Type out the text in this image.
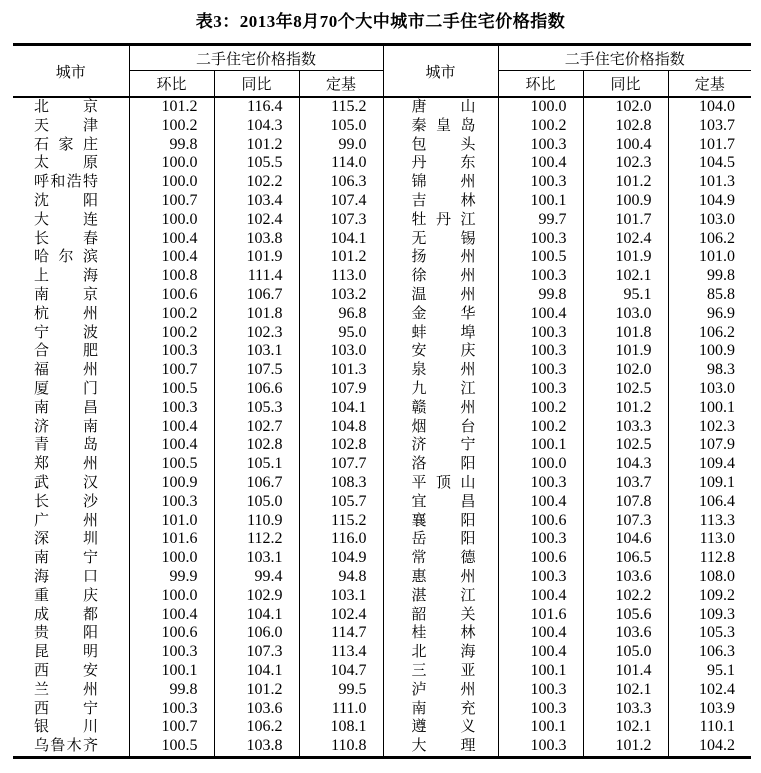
表3：2013年8月70个大中城市二手住宅价格指数
城市	二手住宅价格指数			城市	二手住宅价格指数		
	环比	同比	定基		环比	同比	定基

北 京	101.2	116.4	115.2	唐 山	100.0	102.0	104.0

天 津	100.2	104.3	105.0	秦 皇 岛	100.2	102.8	103.7

石 家 庄	99.8	101.2	99.0	包 头	100.3	100.4	101.7

太 原	100.0	105.5	114.0	丹 东	100.4	102.3	104.5

呼 和 浩 特	100.0	102.2	106.3	锦 州	100.3	101.2	101.3

沈 阳	100.7	103.4	107.4	吉 林	100.1	100.9	104.9

大 连	100.0	102.4	107.3	牡 丹 江	99.7	101.7	103.0

长 春	100.4	103.8	104.1	无 锡	100.3	102.4	106.2

哈 尔 滨	100.4	101.9	101.2	扬 州	100.5	101.9	101.0

上 海	100.8	111.4	113.0	徐 州	100.3	102.1	99.8

南 京	100.6	106.7	103.2	温 州	99.8	95.1	85.8

杭 州	100.2	101.8	96.8	金 华	100.4	103.0	96.9

宁 波	100.2	102.3	95.0	蚌 埠	100.3	101.8	106.2

合 肥	100.3	103.1	103.0	安 庆	100.3	101.9	100.9

福 州	100.7	107.5	101.3	泉 州	100.3	102.0	98.3

厦 门	100.5	106.6	107.9	九 江	100.3	102.5	103.0

南 昌	100.3	105.3	104.1	赣 州	100.2	101.2	100.1

济 南	100.4	102.7	104.8	烟 台	100.2	103.3	102.3

青 岛	100.4	102.8	102.8	济 宁	100.1	102.5	107.9

郑 州	100.5	105.1	107.7	洛 阳	100.0	104.3	109.4

武 汉	100.9	106.7	108.3	平 顶 山	100.3	103.7	109.1

长 沙	100.3	105.0	105.7	宜 昌	100.4	107.8	106.4

广 州	101.0	110.9	115.2	襄 阳	100.6	107.3	113.3

深 圳	101.6	112.2	116.0	岳 阳	100.3	104.6	113.0

南 宁	100.0	103.1	104.9	常 德	100.6	106.5	112.8

海 口	99.9	99.4	94.8	惠 州	100.3	103.6	108.0

重 庆	100.0	102.9	103.1	湛 江	100.4	102.2	109.2

成 都	100.4	104.1	102.4	韶 关	101.6	105.6	109.3

贵 阳	100.6	106.0	114.7	桂 林	100.4	103.6	105.3

昆 明	100.3	107.3	113.4	北 海	100.4	105.0	106.3

西 安	100.1	104.1	104.7	三 亚	100.1	101.4	95.1

兰 州	99.8	101.2	99.5	泸 州	100.3	102.1	102.4

西 宁	100.3	103.6	111.0	南 充	100.3	103.3	103.9

银 川	100.7	106.2	108.1	遵 义	100.1	102.1	110.1

乌 鲁 木 齐	100.5	103.8	110.8	大 理	100.3	101.2	104.2
